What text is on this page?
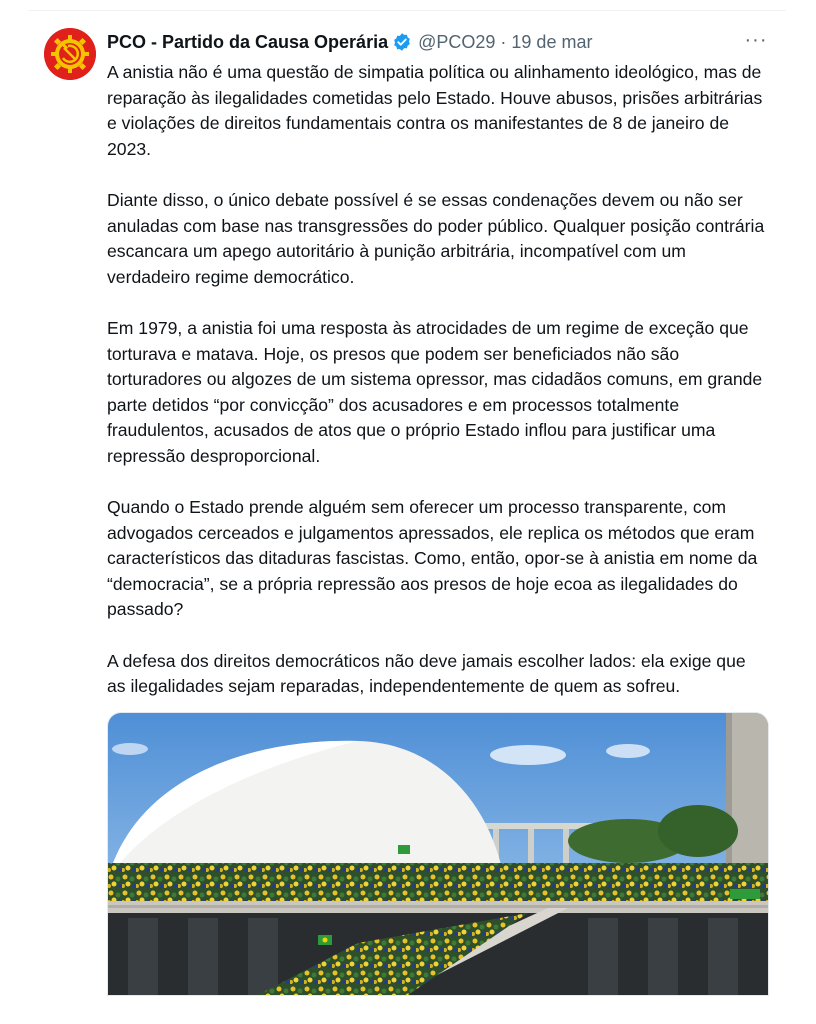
PCO - Partido da Causa Operária @PCO29 · 19 de mar	···

A anistia não é uma questão de simpatia política ou alinhamento ideológico, mas de reparação às ilegalidades cometidas pelo Estado. Houve abusos, prisões arbitrárias e violações de direitos fundamentais contra os manifestantes de 8 de janeiro de 2023.

Diante disso, o único debate possível é se essas condenações devem ou não ser anuladas com base nas transgressões do poder público. Qualquer posição contrária escancara um apego autoritário à punição arbitrária, incompatível com um verdadeiro regime democrático.

Em 1979, a anistia foi uma resposta às atrocidades de um regime de exceção que torturava e matava. Hoje, os presos que podem ser beneficiados não são torturadores ou algozes de um sistema opressor, mas cidadãos comuns, em grande parte detidos “por convicção” dos acusadores e em processos totalmente fraudulentos, acusados de atos que o próprio Estado inflou para justificar uma repressão desproporcional.

Quando o Estado prende alguém sem oferecer um processo transparente, com advogados cerceados e julgamentos apressados, ele replica os métodos que eram característicos das ditaduras fascistas. Como, então, opor-se à anistia em nome da “democracia”, se a própria repressão aos presos de hoje ecoa as ilegalidades do passado?

A defesa dos direitos democráticos não deve jamais escolher lados: ela exige que as ilegalidades sejam reparadas, independentemente de quem as sofreu.
